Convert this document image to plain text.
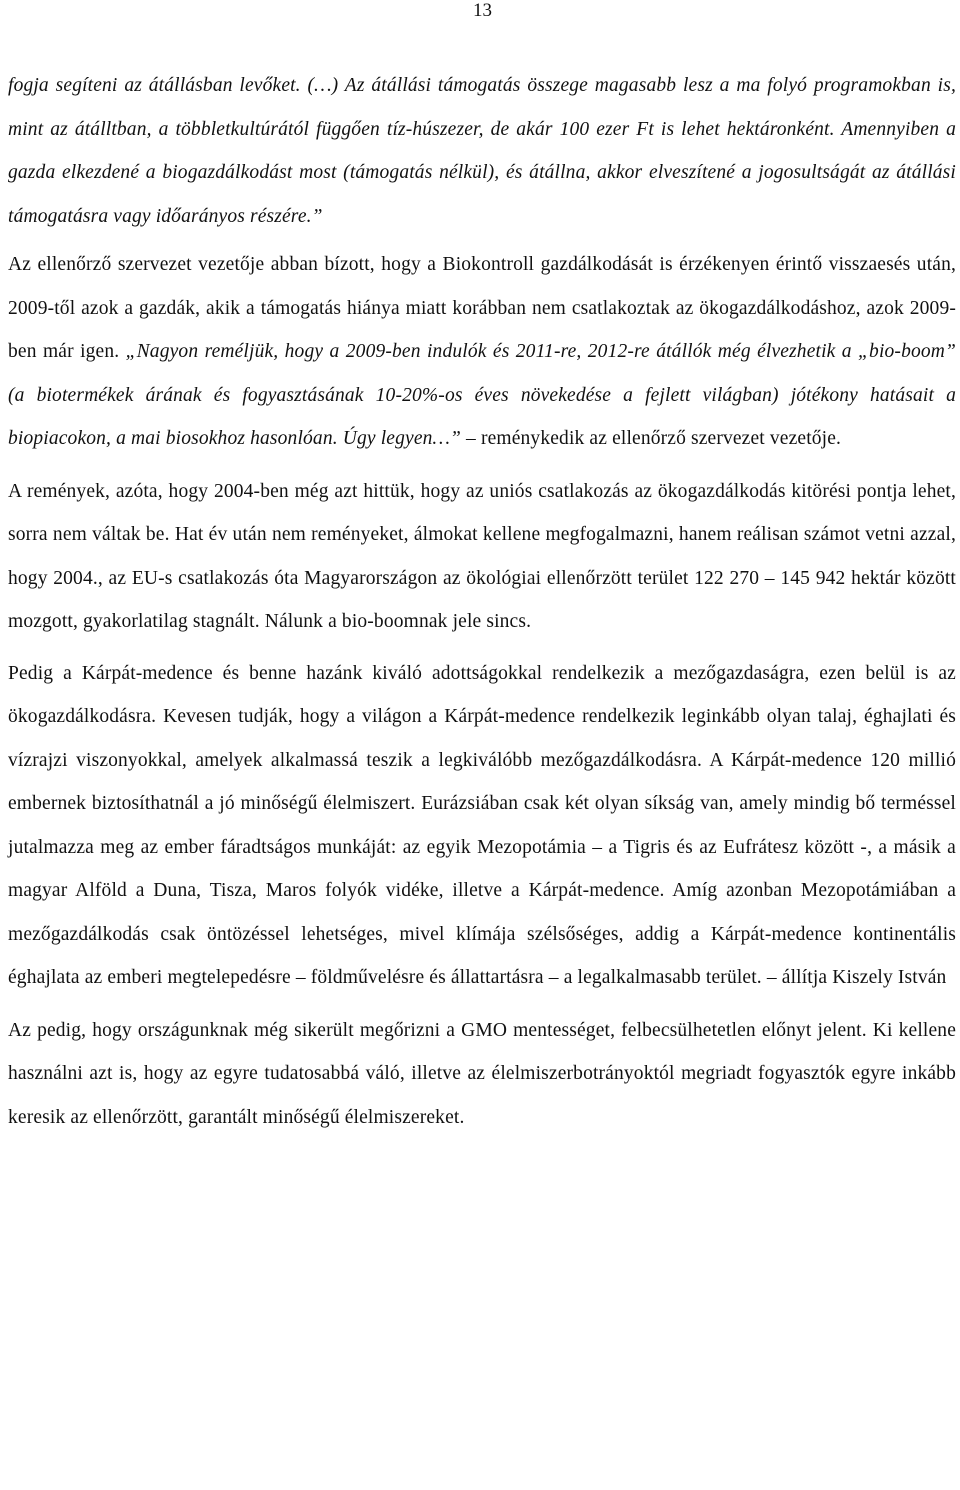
13

fogja segíteni az átállásban levőket. (…) Az átállási támogatás összege magasabb lesz a ma folyó programokban is, mint az átálltban, a többletkultúrától függően tíz-húszezer, de akár 100 ezer Ft is lehet hektáronként. Amennyiben a gazda elkezdené a biogazdálkodást most (támogatás nélkül), és átállna, akkor elveszítené a jogosultságát az átállási támogatásra vagy időarányos részére.”

Az ellenőrző szervezet vezetője abban bízott, hogy a Biokontroll gazdálkodását is érzékenyen érintő visszaesés után, 2009-től azok a gazdák, akik a támogatás hiánya miatt korábban nem csatlakoztak az ökogazdálkodáshoz, azok 2009-ben már igen. „Nagyon reméljük, hogy a 2009-ben indulók és 2011-re, 2012-re átállók még élvezhetik a „bio-boom” (a biotermékek árának és fogyasztásának 10-20%-os éves növekedése a fejlett világban) jótékony hatásait a biopiacokon, a mai biosokhoz hasonlóan. Úgy legyen…” – reménykedik az ellenőrző szervezet vezetője.

A remények, azóta, hogy 2004-ben még azt hittük, hogy az uniós csatlakozás az ökogazdálkodás kitörési pontja lehet, sorra nem váltak be. Hat év után nem reményeket, álmokat kellene megfogalmazni, hanem reálisan számot vetni azzal, hogy 2004., az EU-s csatlakozás óta Magyarországon az ökológiai ellenőrzött terület 122 270 – 145 942 hektár között mozgott, gyakorlatilag stagnált. Nálunk a bio-boomnak jele sincs.

Pedig a Kárpát-medence és benne hazánk kiváló adottságokkal rendelkezik a mezőgazdaságra, ezen belül is az ökogazdálkodásra. Kevesen tudják, hogy a világon a Kárpát-medence rendelkezik leginkább olyan talaj, éghajlati és vízrajzi viszonyokkal, amelyek alkalmassá teszik a legkiválóbb mezőgazdálkodásra. A Kárpát-medence 120 millió embernek biztosíthatnál a jó minőségű élelmiszert. Eurázsiában csak két olyan síkság van, amely mindig bő terméssel jutalmazza meg az ember fáradtságos munkáját: az egyik Mezopotámia – a Tigris és az Eufrátesz között -, a másik a magyar Alföld a Duna, Tisza, Maros folyók vidéke, illetve a Kárpát-medence. Amíg azonban Mezopotámiában a mezőgazdálkodás csak öntözéssel lehetséges, mivel klímája szélsőséges, addig a Kárpát-medence kontinentális éghajlata az emberi megtelepedésre – földművelésre és állattartásra – a legalkalmasabb terület. – állítja Kiszely István

Az pedig, hogy országunknak még sikerült megőrizni a GMO mentességet, felbecsülhetetlen előnyt jelent. Ki kellene használni azt is, hogy az egyre tudatosabbá váló, illetve az élelmiszerbotrányoktól megriadt fogyasztók egyre inkább keresik az ellenőrzött, garantált minőségű élelmiszereket.
